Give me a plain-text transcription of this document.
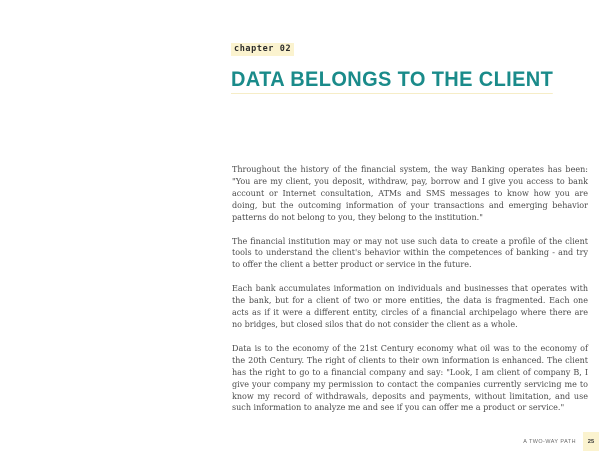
chapter 02
DATA BELONGS TO THE CLIENT

Throughout the history of the financial system, the way Banking operates has been: "You are my client, you deposit, withdraw, pay, borrow and I give you access to bank account or Internet consultation, ATMs and SMS messages to know how you are doing, but the outcoming information of your transactions and emerging behavior patterns do not belong to you, they belong to the institution."

The financial institution may or may not use such data to create a profile of the client tools to understand the client's behavior within the competences of banking - and try to offer the client a better product or service in the future.

Each bank accumulates information on individuals and businesses that operates with the bank, but for a client of two or more entities, the data is fragmented. Each one acts as if it were a different entity, circles of a financial archipelago where there are no bridges, but closed silos that do not consider the client as a whole.

Data is to the economy of the 21st Century economy what oil was to the economy of the 20th Century. The right of clients to their own information is enhanced. The client has the right to go to a financial company and say: "Look, I am client of company B, I give your company my permission to contact the companies currently servicing me to know my record of withdrawals, deposits and payments, without limitation, and use such information to analyze me and see if you can offer me a product or service."

A TWO-WAY PATH	25
